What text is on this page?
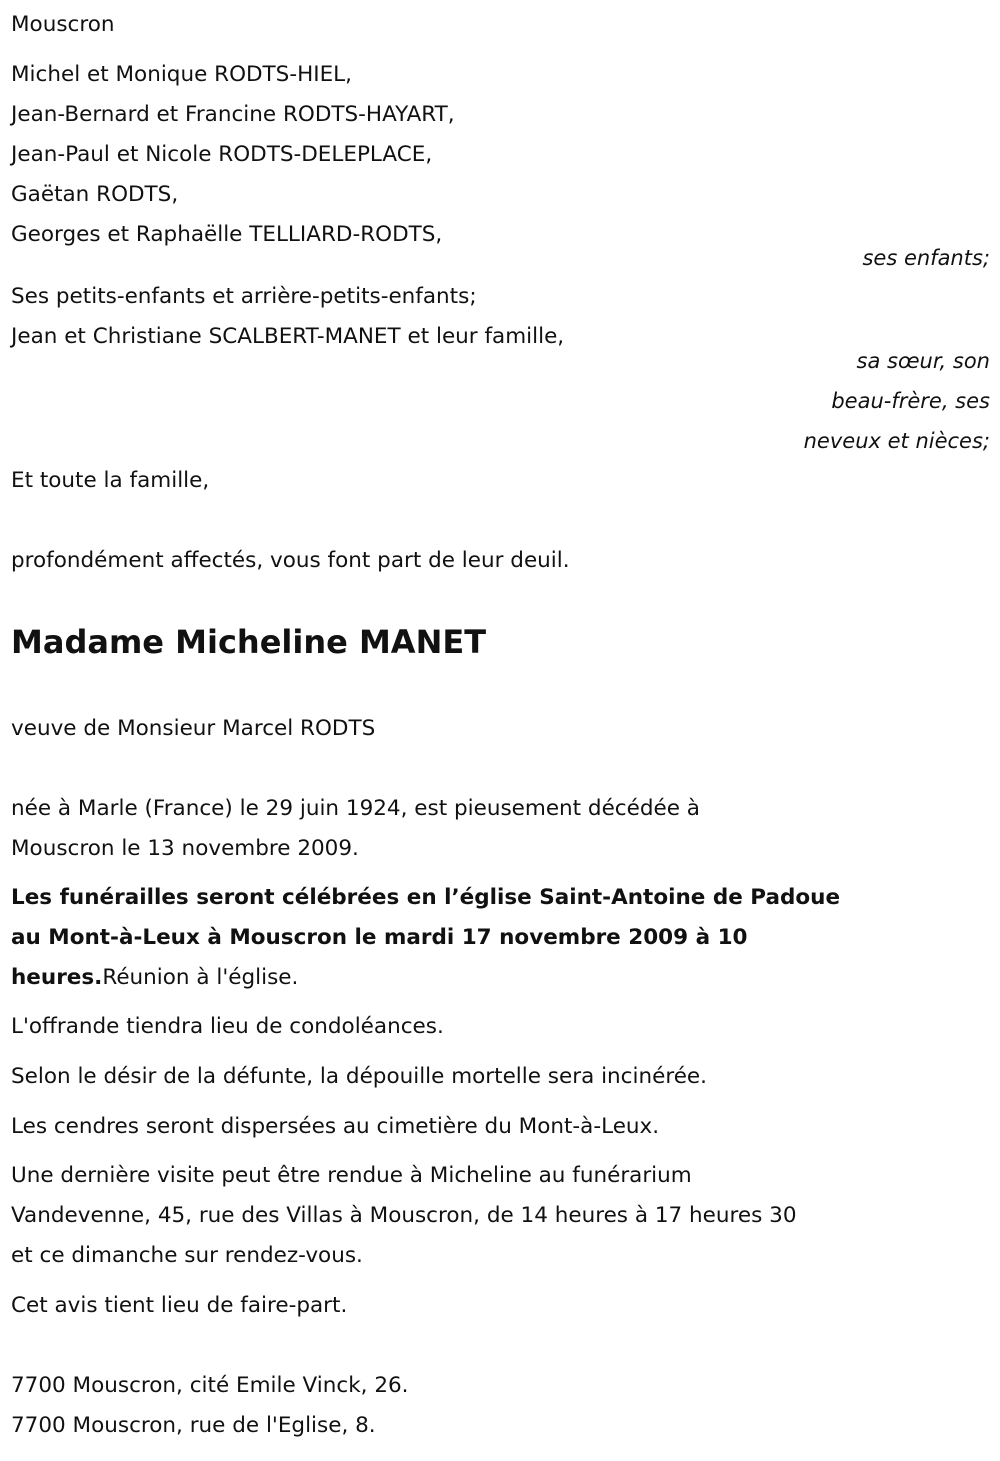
Mouscron
Michel et Monique RODTS-HIEL,
Jean-Bernard et Francine RODTS-HAYART,
Jean-Paul et Nicole RODTS-DELEPLACE,
Gaëtan RODTS,
Georges et Raphaëlle TELLIARD-RODTS,
ses enfants;
Ses petits-enfants et arrière-petits-enfants;
Jean et Christiane SCALBERT-MANET et leur famille,
sa sœur, son
beau-frère, ses
neveux et nièces;
Et toute la famille,
profondément affectés, vous font part de leur deuil.
Madame Micheline MANET
veuve de Monsieur Marcel RODTS
née à Marle (France) le 29 juin 1924, est pieusement décédée à
Mouscron le 13 novembre 2009.
Les funérailles seront célébrées en l’église Saint-Antoine de Padoue
au Mont-à-Leux à Mouscron le mardi 17 novembre 2009 à 10
heures.Réunion à l'église.
L'offrande tiendra lieu de condoléances.
Selon le désir de la défunte, la dépouille mortelle sera incinérée.
Les cendres seront dispersées au cimetière du Mont-à-Leux.
Une dernière visite peut être rendue à Micheline au funérarium
Vandevenne, 45, rue des Villas à Mouscron, de 14 heures à 17 heures 30
et ce dimanche sur rendez-vous.
Cet avis tient lieu de faire-part.
7700 Mouscron, cité Emile Vinck, 26.
7700 Mouscron, rue de l'Eglise, 8.
